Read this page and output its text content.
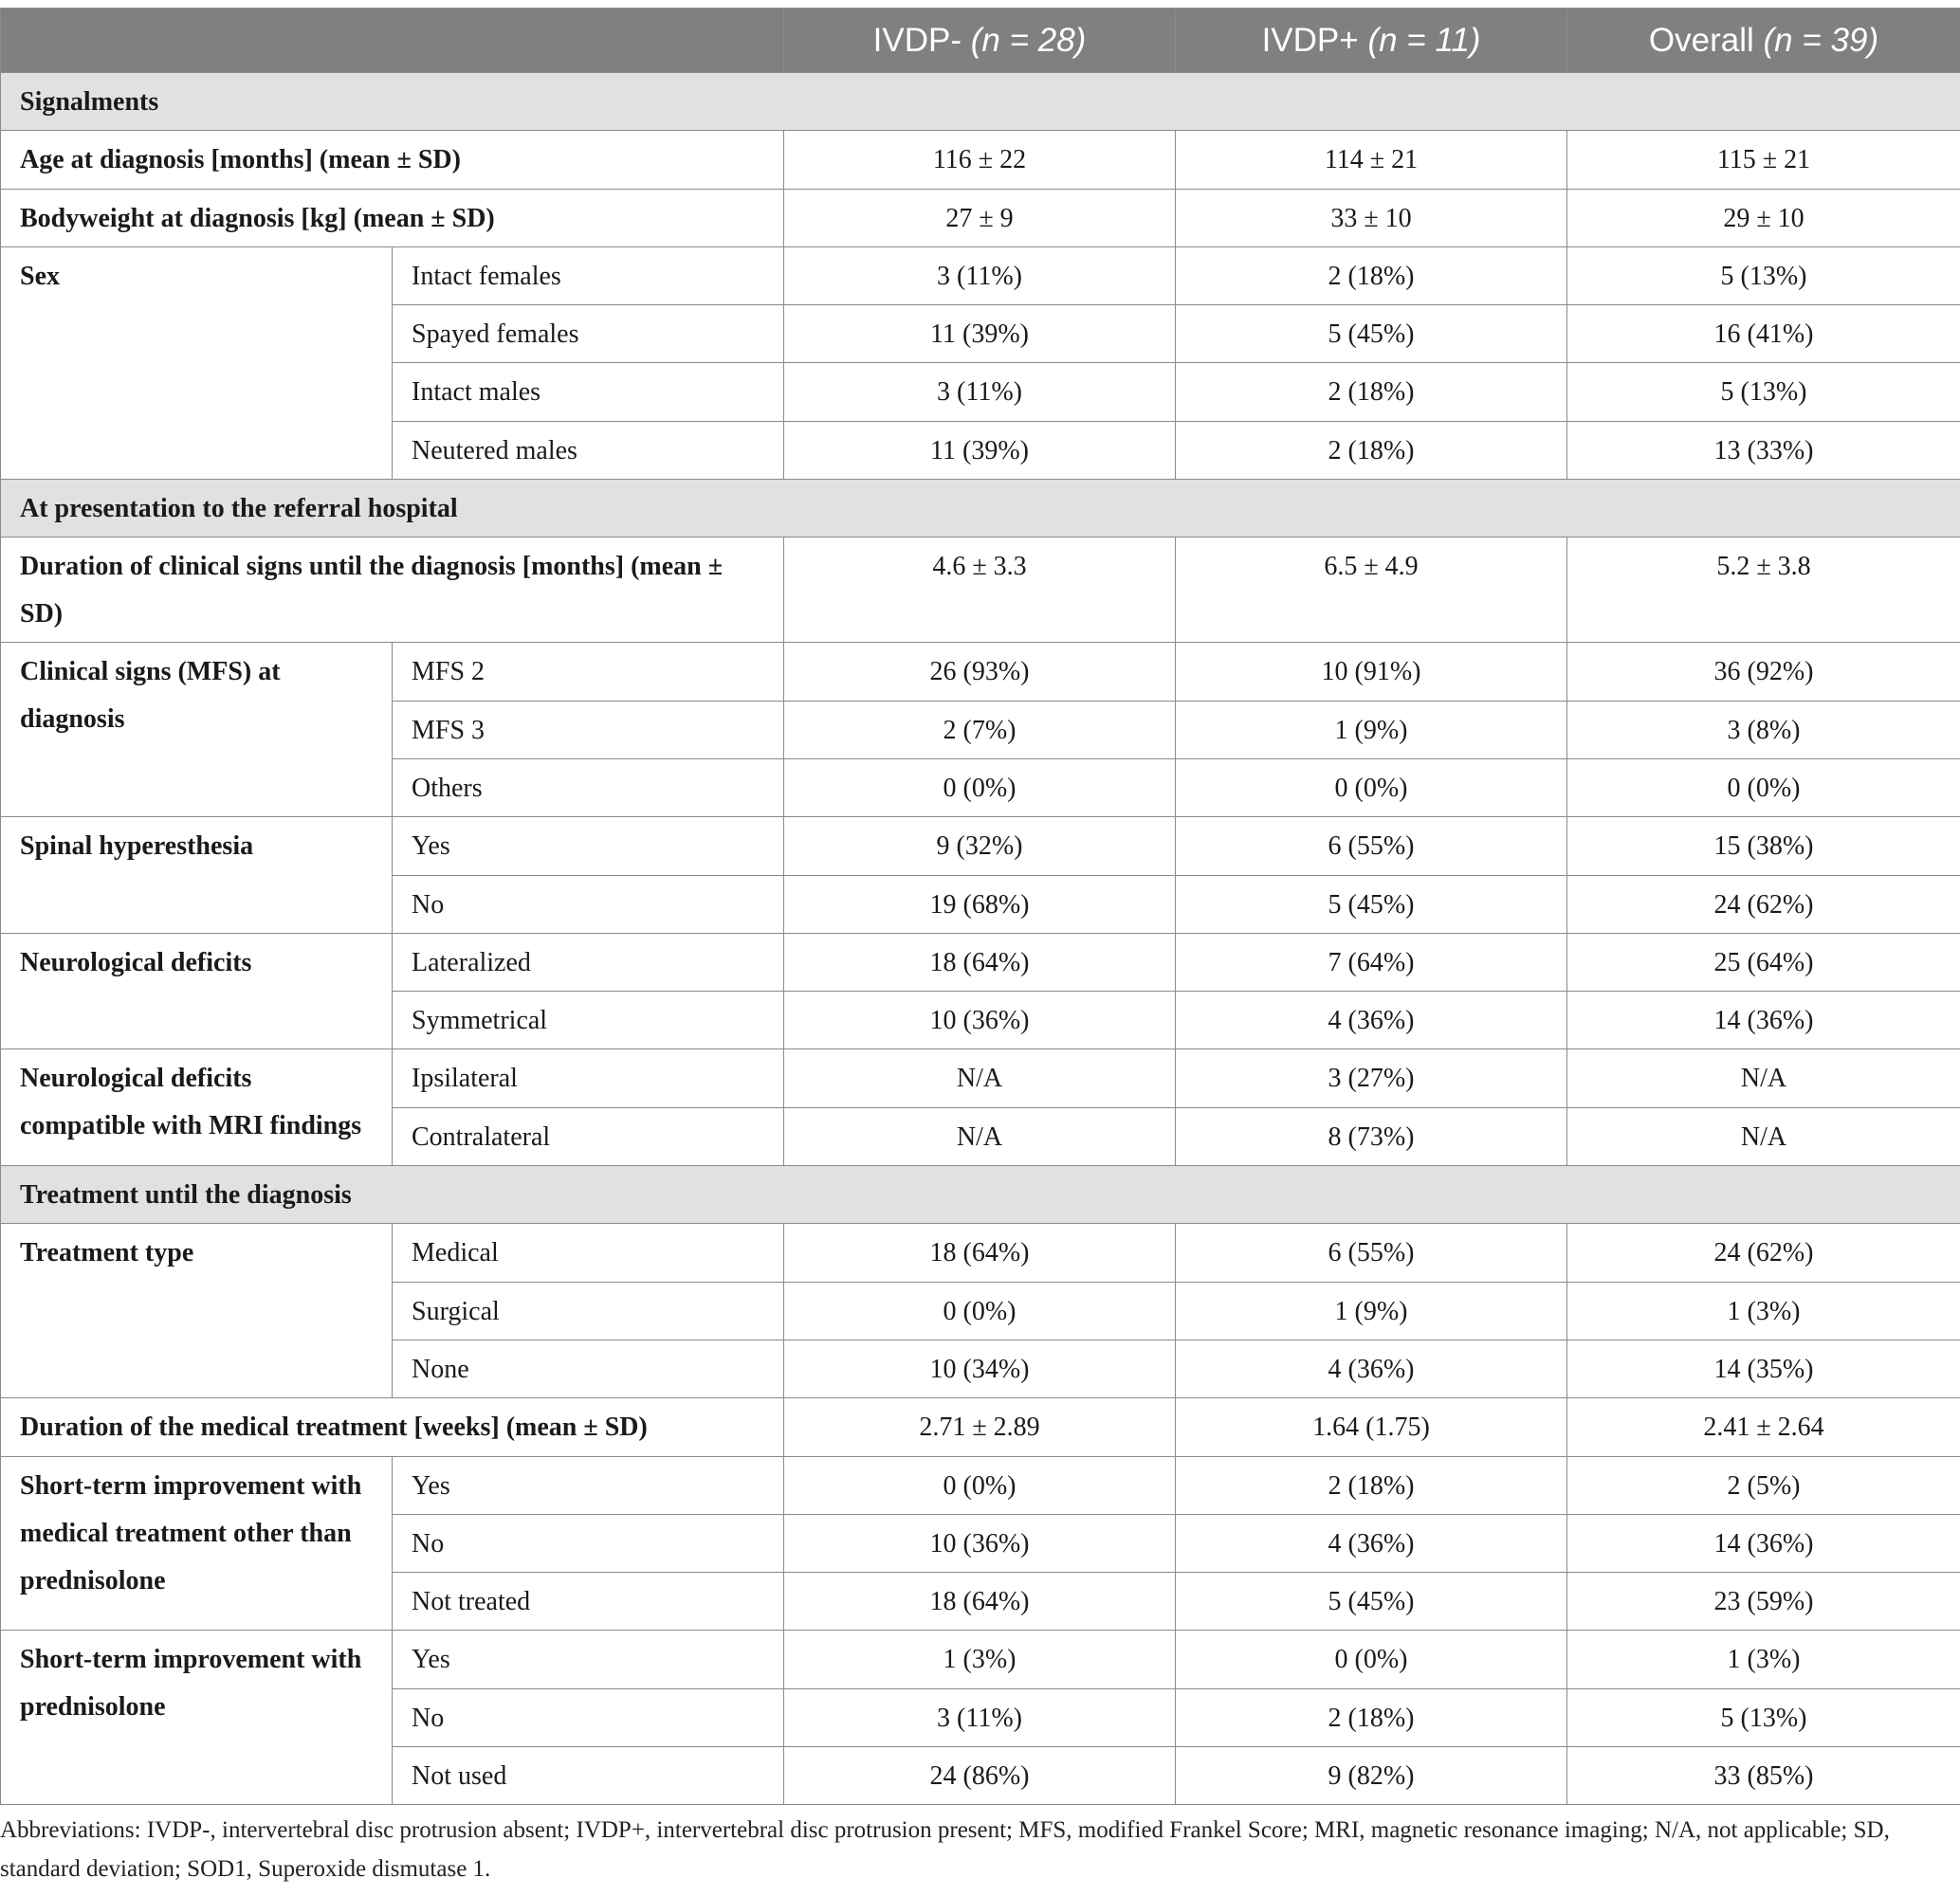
		IVDP- (n = 28)	IVDP+ (n = 11)	Overall (n = 39)
Signalments				
Age at diagnosis [months] (mean ± SD)		116 ± 22	114 ± 21	115 ± 21
Bodyweight at diagnosis [kg] (mean ± SD)		27 ± 9	33 ± 10	29 ± 10
Sex	Intact females	3 (11%)	2 (18%)	5 (13%)
	Spayed females	11 (39%)	5 (45%)	16 (41%)
	Intact males	3 (11%)	2 (18%)	5 (13%)
	Neutered males	11 (39%)	2 (18%)	13 (33%)
At presentation to the referral hospital				
Duration of clinical signs until the diagnosis [months] (mean ± SD)		4.6 ± 3.3	6.5 ± 4.9	5.2 ± 3.8
Clinical signs (MFS) at diagnosis	MFS 2	26 (93%)	10 (91%)	36 (92%)
	MFS 3	2 (7%)	1 (9%)	3 (8%)
	Others	0 (0%)	0 (0%)	0 (0%)
Spinal hyperesthesia	Yes	9 (32%)	6 (55%)	15 (38%)
	No	19 (68%)	5 (45%)	24 (62%)
Neurological deficits	Lateralized	18 (64%)	7 (64%)	25 (64%)
	Symmetrical	10 (36%)	4 (36%)	14 (36%)
Neurological deficits compatible with MRI findings	Ipsilateral	N/A	3 (27%)	N/A
	Contralateral	N/A	8 (73%)	N/A
Treatment until the diagnosis				
Treatment type	Medical	18 (64%)	6 (55%)	24 (62%)
	Surgical	0 (0%)	1 (9%)	1 (3%)
	None	10 (34%)	4 (36%)	14 (35%)
Duration of the medical treatment [weeks] (mean ± SD)		2.71 ± 2.89	1.64 (1.75)	2.41 ± 2.64
Short-term improvement with medical treatment other than prednisolone	Yes	0 (0%)	2 (18%)	2 (5%)
	No	10 (36%)	4 (36%)	14 (36%)
	Not treated	18 (64%)	5 (45%)	23 (59%)
Short-term improvement with prednisolone	Yes	1 (3%)	0 (0%)	1 (3%)
	No	3 (11%)	2 (18%)	5 (13%)
	Not used	24 (86%)	9 (82%)	33 (85%)
Abbreviations: IVDP-, intervertebral disc protrusion absent; IVDP+, intervertebral disc protrusion present; MFS, modified Frankel Score; MRI, magnetic resonance imaging; N/A, not applicable; SD, standard deviation; SOD1, Superoxide dismutase 1.
